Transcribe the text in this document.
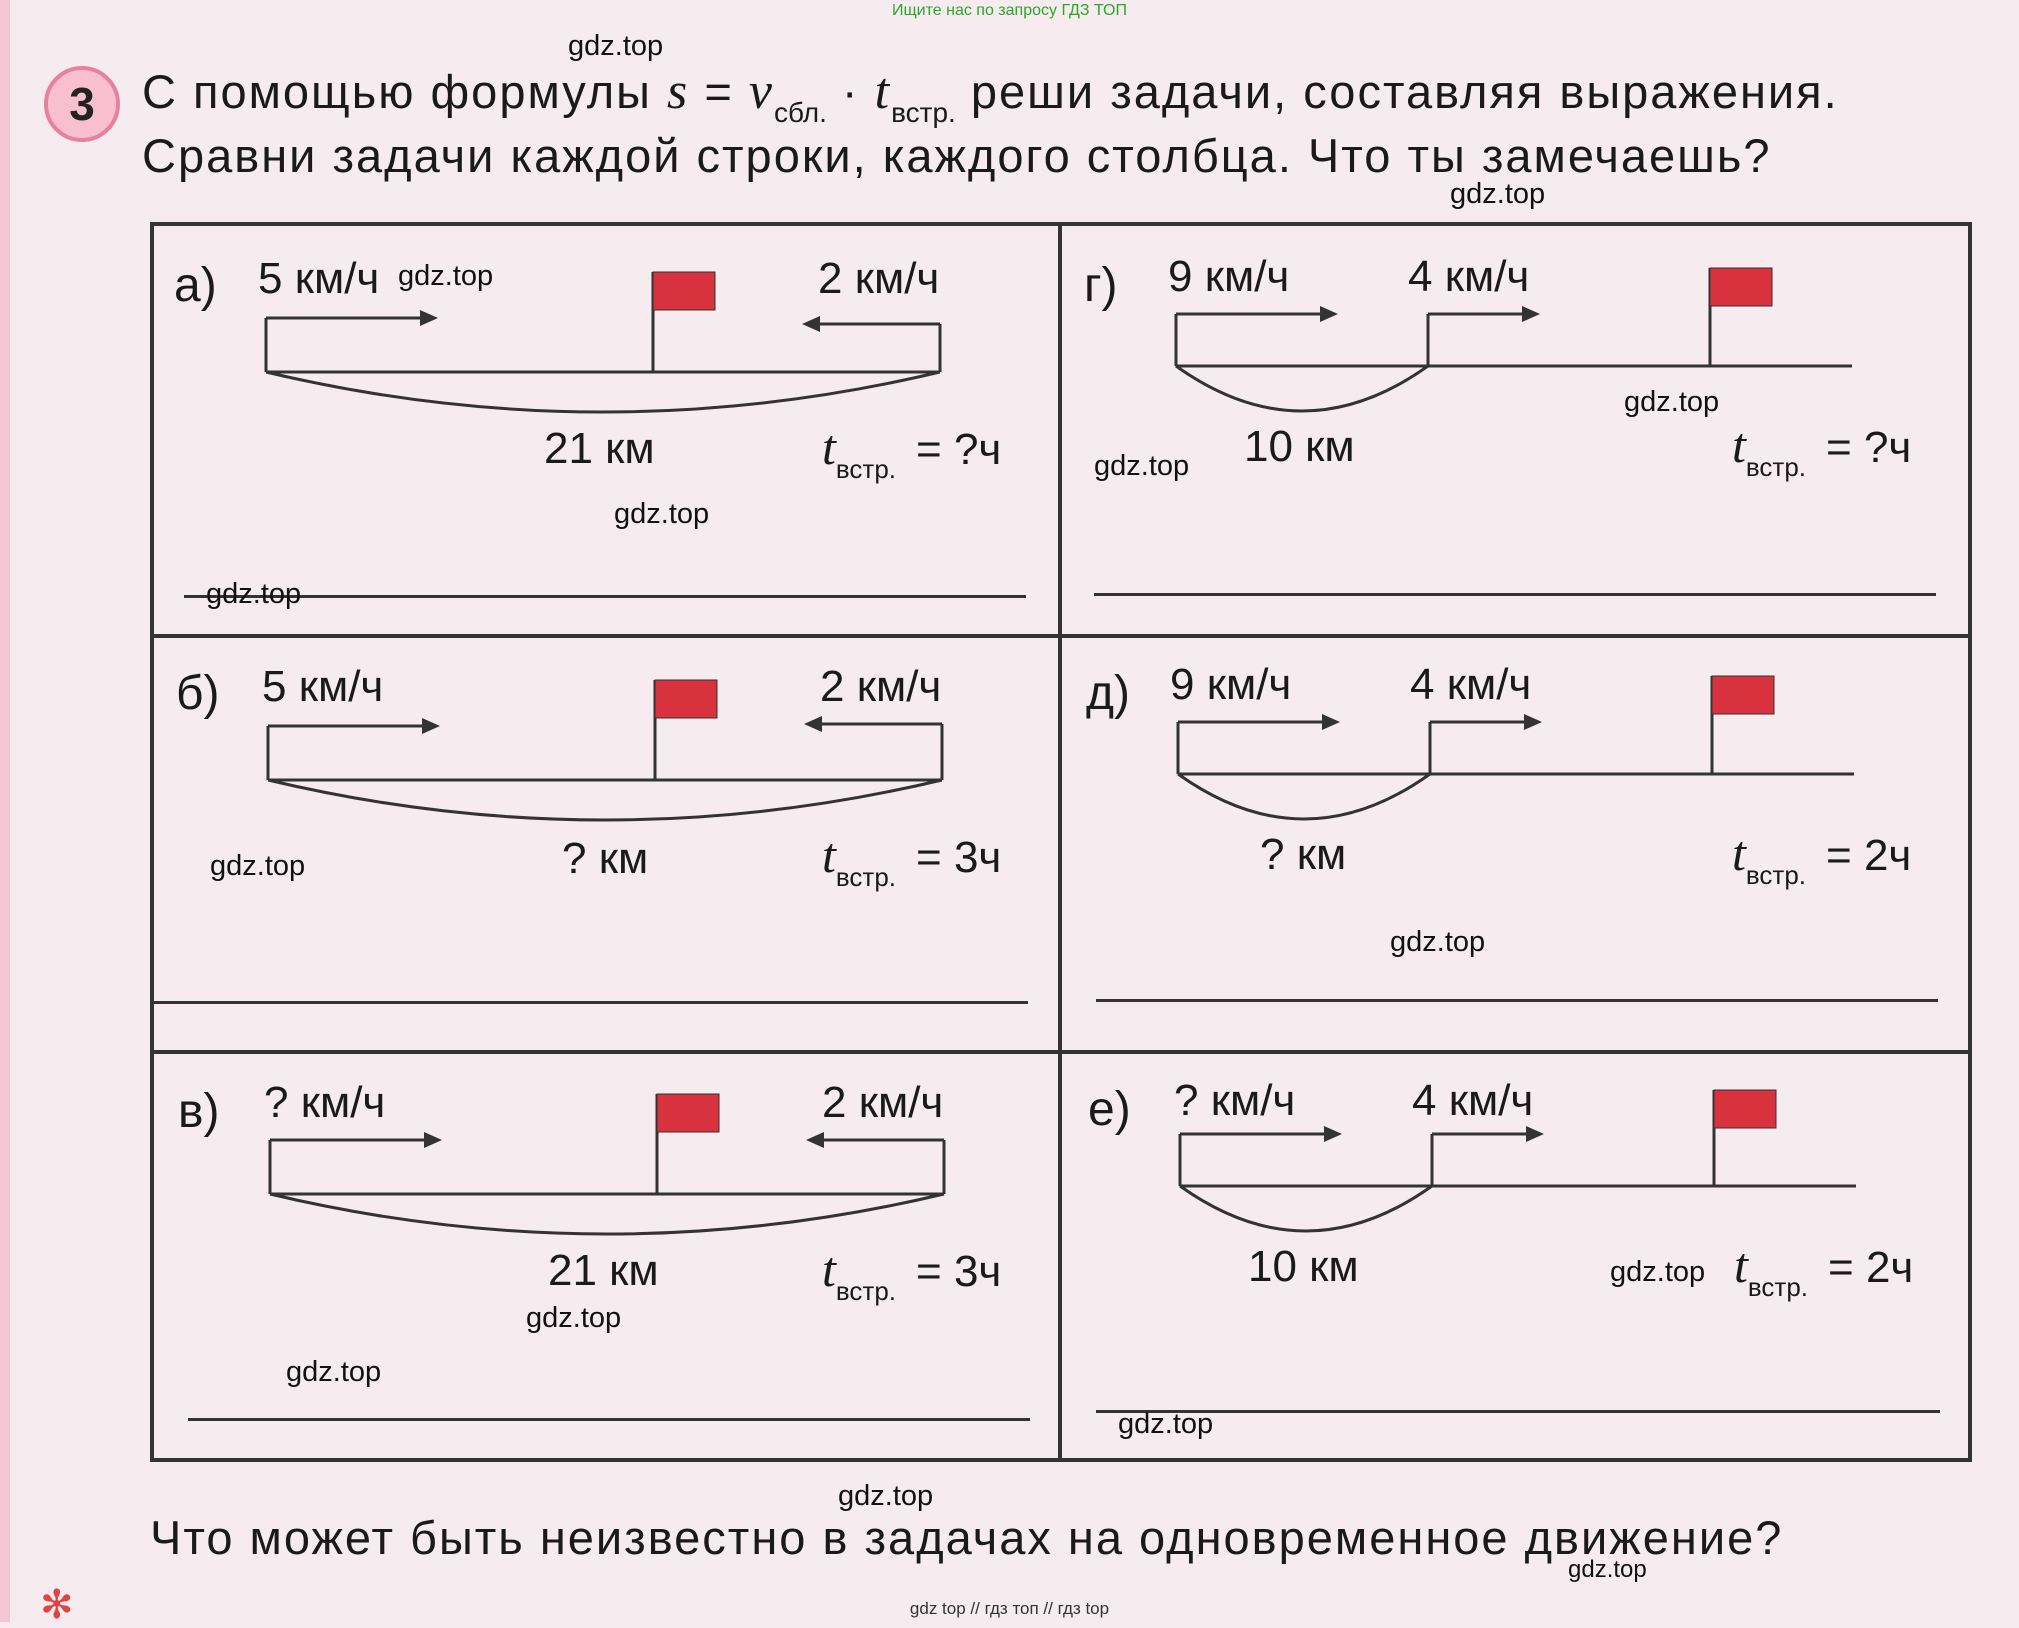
Ищите нас по запросу ГДЗ ТОП
3	С помощью формулы $s = v_{сбл.} \cdot t_{встр.}$ реши задачи, составляя выражения.
Сравни задачи каждой строки, каждого столбца. Что ты замечаешь?
а) 5 км/ч	2 км/ч
21 км	$t_{встр.}$ = ?ч
г) 9 км/ч	4 км/ч
10 км	$t_{встр.}$ = ?ч
б) 5 км/ч	2 км/ч
? км	$t_{встр.} = 3ч$
д) 9 км/ч	4 км/ч
? км	$t_{встр.} = 2ч$
в) ? км/ч	2 км/ч
21 км	$t_{встр.} = 3ч$
е) ? км/ч	4 км/ч
10 км	$t_{встр.} = 2ч$
Что может быть неизвестно в задачах на одновременное движение?
gdz.top
gdz.top
gdz.top
gdz.top
gdz.top
gdz.top
gdz.top
gdz.top
gdz.top
gdz.top
gdz.top
gdz.top
gdz.top
gdz.top
gdz.top
✻	gdz top // гдз топ // гдз top
